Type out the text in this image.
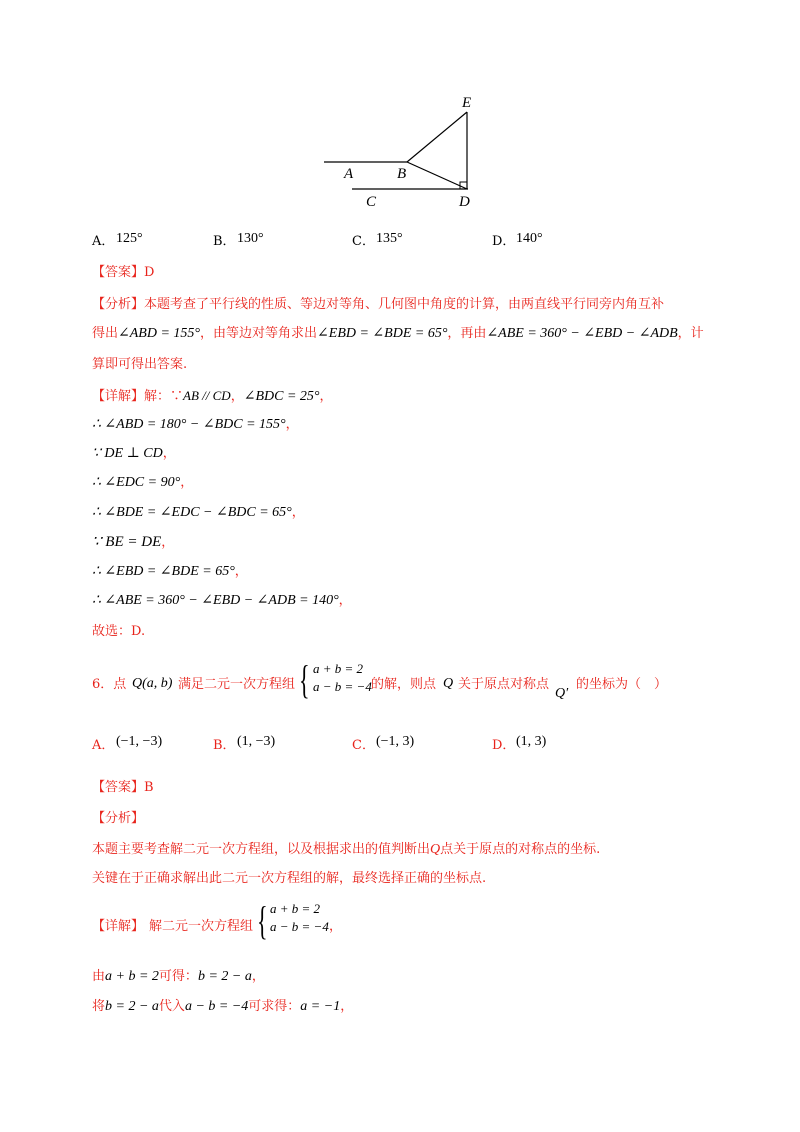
E
A	B
C	D
A． 125°	B． 130°	C． 135°	D． 140°
【答案】D
【分析】本题考查了平行线的性质、等边对等角、几何图中角度的计算，由两直线平行同旁内角互补
得出∠ABD = 155°，由等边对等角求出∠EBD = ∠BDE = 65°，再由∠ABE = 360° − ∠EBD − ∠ADB，计
算即可得出答案.
【详解】解：∵AB // CD，∠BDC = 25°，
∴ ∠ABD = 180° − ∠BDC = 155°，
∵ DE ⊥ CD，
∴ ∠EDC = 90°，
∴ ∠BDE = ∠EDC − ∠BDC = 65°，
∵ BE = DE，
∴ ∠EBD = ∠BDE = 65°，
∴ ∠ABE = 360° − ∠EBD − ∠ADB = 140°，
故选：D.
6．点 Q(a, b) 满足二元一次方程组 { a + b = 2
a − b = −4 的解，则点 Q 关于原点对称点
Q′
的坐标为（　）
A． (−1, −3)	B． (1, −3)	C． (−1, 3)	D． (1, 3)
【答案】B
【分析】
本题主要考查解二元一次方程组，以及根据求出的值判断出Q点关于原点的对称点的坐标.
关键在于正确求解出此二元一次方程组的解，最终选择正确的坐标点.
【详解】 解二元一次方程组 { a + b = 2
a − b = −4 ，
由a + b = 2可得：b = 2 − a，
将b = 2 − a代入a − b = −4可求得：a = −1，
